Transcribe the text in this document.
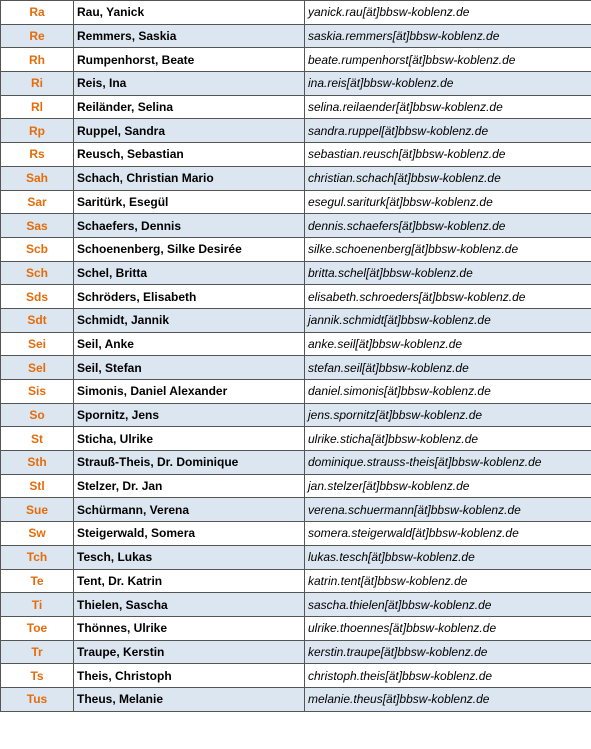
Ra	Rau, Yanick	yanick.rau[ät]bbsw-koblenz.de
Re	Remmers, Saskia	saskia.remmers[ät]bbsw-koblenz.de
Rh	Rumpenhorst, Beate	beate.rumpenhorst[ät]bbsw-koblenz.de
Ri	Reis, Ina	ina.reis[ät]bbsw-koblenz.de
Rl	Reiländer, Selina	selina.reilaender[ät]bbsw-koblenz.de
Rp	Ruppel, Sandra	sandra.ruppel[ät]bbsw-koblenz.de
Rs	Reusch, Sebastian	sebastian.reusch[ät]bbsw-koblenz.de
Sah	Schach, Christian Mario	christian.schach[ät]bbsw-koblenz.de
Sar	Saritürk, Esegül	esegul.sariturk[ät]bbsw-koblenz.de
Sas	Schaefers, Dennis	dennis.schaefers[ät]bbsw-koblenz.de
Scb	Schoenenberg, Silke Desirée	silke.schoenenberg[ät]bbsw-koblenz.de
Sch	Schel, Britta	britta.schel[ät]bbsw-koblenz.de
Sds	Schröders, Elisabeth	elisabeth.schroeders[ät]bbsw-koblenz.de
Sdt	Schmidt, Jannik	jannik.schmidt[ät]bbsw-koblenz.de
Sei	Seil, Anke	anke.seil[ät]bbsw-koblenz.de
Sel	Seil, Stefan	stefan.seil[ät]bbsw-koblenz.de
Sis	Simonis, Daniel Alexander	daniel.simonis[ät]bbsw-koblenz.de
So	Spornitz, Jens	jens.spornitz[ät]bbsw-koblenz.de
St	Sticha, Ulrike	ulrike.sticha[ät]bbsw-koblenz.de
Sth	Strauß-Theis, Dr. Dominique	dominique.strauss-theis[ät]bbsw-koblenz.de
Stl	Stelzer, Dr. Jan	jan.stelzer[ät]bbsw-koblenz.de
Sue	Schürmann, Verena	verena.schuermann[ät]bbsw-koblenz.de
Sw	Steigerwald, Somera	somera.steigerwald[ät]bbsw-koblenz.de
Tch	Tesch, Lukas	lukas.tesch[ät]bbsw-koblenz.de
Te	Tent, Dr. Katrin	katrin.tent[ät]bbsw-koblenz.de
Ti	Thielen, Sascha	sascha.thielen[ät]bbsw-koblenz.de
Toe	Thönnes, Ulrike	ulrike.thoennes[ät]bbsw-koblenz.de
Tr	Traupe, Kerstin	kerstin.traupe[ät]bbsw-koblenz.de
Ts	Theis, Christoph	christoph.theis[ät]bbsw-koblenz.de
Tus	Theus, Melanie	melanie.theus[ät]bbsw-koblenz.de
